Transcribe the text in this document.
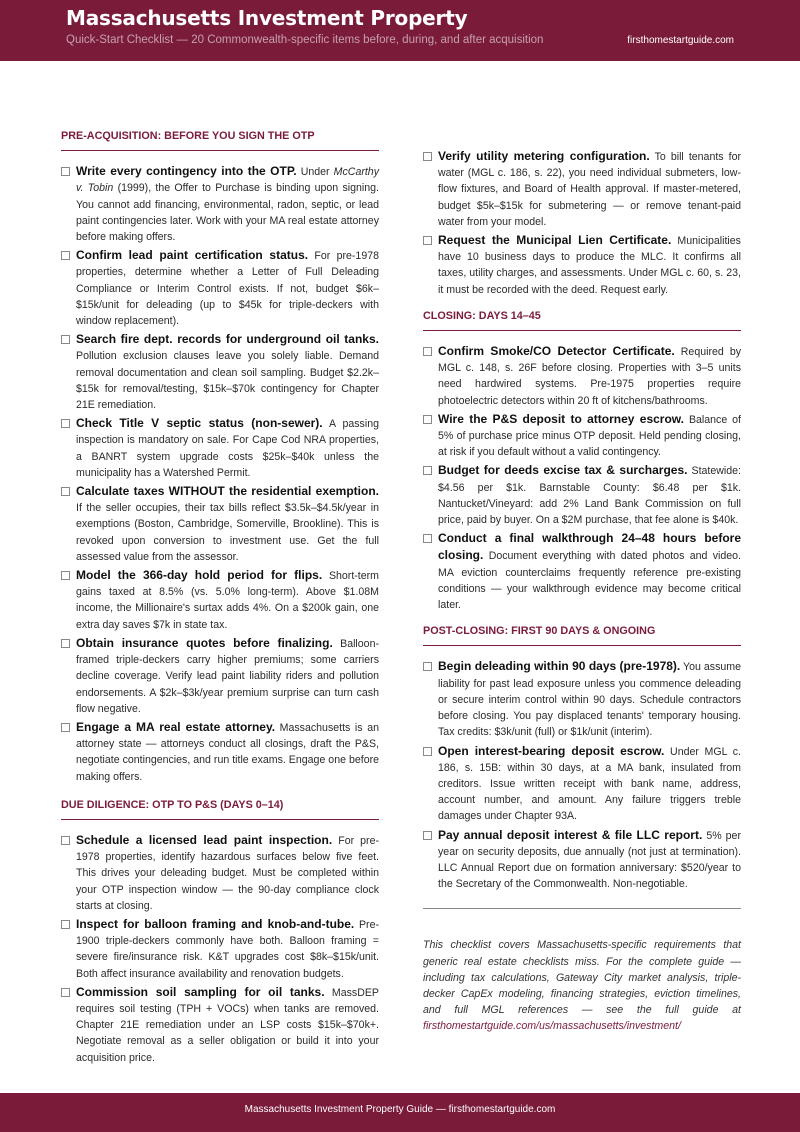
Massachusetts Investment Property
Quick-Start Checklist — 20 Commonwealth-specific items before, during, and after acquisition	firsthomestartguide.com
PRE-ACQUISITION: BEFORE YOU SIGN THE OTP
Write every contingency into the OTP. Under McCarthy v. Tobin (1999), the Offer to Purchase is binding upon signing. You cannot add financing, environmental, radon, septic, or lead paint contingencies later. Work with your MA real estate attorney before making offers.
Confirm lead paint certification status. For pre-1978 properties, determine whether a Letter of Full Deleading Compliance or Interim Control exists. If not, budget $6k–$15k/unit for deleading (up to $45k for triple-deckers with window replacement).
Search fire dept. records for underground oil tanks. Pollution exclusion clauses leave you solely liable. Demand removal documentation and clean soil sampling. Budget $2.2k–$15k for removal/testing, $15k–$70k contingency for Chapter 21E remediation.
Check Title V septic status (non-sewer). A passing inspection is mandatory on sale. For Cape Cod NRA properties, a BANRT system upgrade costs $25k–$40k unless the municipality has a Watershed Permit.
Calculate taxes WITHOUT the residential exemption. If the seller occupies, their tax bills reflect $3.5k–$4.5k/year in exemptions (Boston, Cambridge, Somerville, Brookline). This is revoked upon conversion to investment use. Get the full assessed value from the assessor.
Model the 366-day hold period for flips. Short-term gains taxed at 8.5% (vs. 5.0% long-term). Above $1.08M income, the Millionaire's surtax adds 4%. On a $200k gain, one extra day saves $7k in state tax.
Obtain insurance quotes before finalizing. Balloon-framed triple-deckers carry higher premiums; some carriers decline coverage. Verify lead paint liability riders and pollution endorsements. A $2k–$3k/year premium surprise can turn cash flow negative.
Engage a MA real estate attorney. Massachusetts is an attorney state — attorneys conduct all closings, draft the P&S, negotiate contingencies, and run title exams. Engage one before making offers.
DUE DILIGENCE: OTP TO P&S (DAYS 0–14)
Schedule a licensed lead paint inspection. For pre-1978 properties, identify hazardous surfaces below five feet. This drives your deleading budget. Must be completed within your OTP inspection window — the 90-day compliance clock starts at closing.
Inspect for balloon framing and knob-and-tube. Pre-1900 triple-deckers commonly have both. Balloon framing = severe fire/insurance risk. K&T upgrades cost $8k–$15k/unit. Both affect insurance availability and renovation budgets.
Commission soil sampling for oil tanks. MassDEP requires soil testing (TPH + VOCs) when tanks are removed. Chapter 21E remediation under an LSP costs $15k–$70k+. Negotiate removal as a seller obligation or build it into your acquisition price.
Verify utility metering configuration. To bill tenants for water (MGL c. 186, s. 22), you need individual submeters, low-flow fixtures, and Board of Health approval. If master-metered, budget $5k–$15k for submetering — or remove tenant-paid water from your model.
Request the Municipal Lien Certificate. Municipalities have 10 business days to produce the MLC. It confirms all taxes, utility charges, and assessments. Under MGL c. 60, s. 23, it must be recorded with the deed. Request early.
CLOSING: DAYS 14–45
Confirm Smoke/CO Detector Certificate. Required by MGL c. 148, s. 26F before closing. Properties with 3–5 units need hardwired systems. Pre-1975 properties require photoelectric detectors within 20 ft of kitchens/bathrooms.
Wire the P&S deposit to attorney escrow. Balance of 5% of purchase price minus OTP deposit. Held pending closing, at risk if you default without a valid contingency.
Budget for deeds excise tax & surcharges. Statewide: $4.56 per $1k. Barnstable County: $6.48 per $1k. Nantucket/Vineyard: add 2% Land Bank Commission on full price, paid by buyer. On a $2M purchase, that fee alone is $40k.
Conduct a final walkthrough 24–48 hours before closing. Document everything with dated photos and video. MA eviction counterclaims frequently reference pre-existing conditions — your walkthrough evidence may become critical later.
POST-CLOSING: FIRST 90 DAYS & ONGOING
Begin deleading within 90 days (pre-1978). You assume liability for past lead exposure unless you commence deleading or secure interim control within 90 days. Schedule contractors before closing. You pay displaced tenants' temporary housing. Tax credits: $3k/unit (full) or $1k/unit (interim).
Open interest-bearing deposit escrow. Under MGL c. 186, s. 15B: within 30 days, at a MA bank, insulated from creditors. Issue written receipt with bank name, address, account number, and amount. Any failure triggers treble damages under Chapter 93A.
Pay annual deposit interest & file LLC report. 5% per year on security deposits, due annually (not just at termination). LLC Annual Report due on formation anniversary: $520/year to the Secretary of the Commonwealth. Non-negotiable.
This checklist covers Massachusetts-specific requirements that generic real estate checklists miss. For the complete guide — including tax calculations, Gateway City market analysis, triple-decker CapEx modeling, financing strategies, eviction timelines, and full MGL references — see the full guide at firsthomestartguide.com/us/massachusetts/investment/
Massachusetts Investment Property Guide — firsthomestartguide.com
